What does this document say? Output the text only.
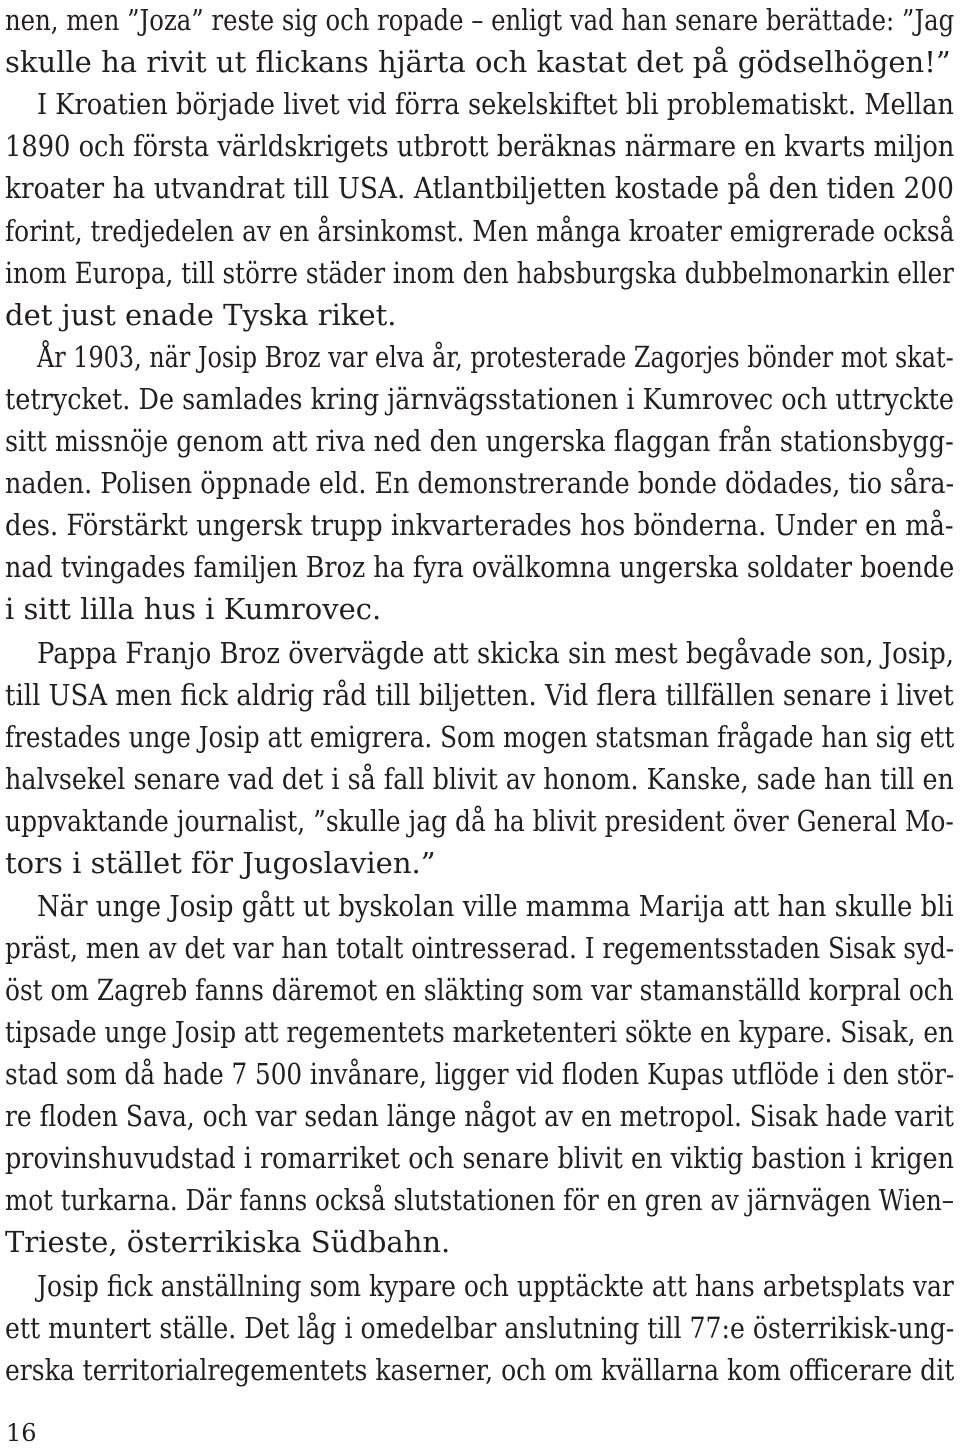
nen, men ”Joza” reste sig och ropade – enligt vad han senare berättade: ”Jag
skulle ha rivit ut flickans hjärta och kastat det på gödselhögen!”
I Kroatien började livet vid förra sekelskiftet bli problematiskt. Mellan
1890 och första världskrigets utbrott beräknas närmare en kvarts miljon
kroater ha utvandrat till USA. Atlantbiljetten kostade på den tiden 200
forint, tredjedelen av en årsinkomst. Men många kroater emigrerade också
inom Europa, till större städer inom den habsburgska dubbelmonarkin eller
det just enade Tyska riket.
År 1903, när Josip Broz var elva år, protesterade Zagorjes bönder mot skat-
tetrycket. De samlades kring järnvägsstationen i Kumrovec och uttryckte
sitt missnöje genom att riva ned den ungerska flaggan från stationsbygg-
naden. Polisen öppnade eld. En demonstrerande bonde dödades, tio såra-
des. Förstärkt ungersk trupp inkvarterades hos bönderna. Under en må-
nad tvingades familjen Broz ha fyra ovälkomna ungerska soldater boende
i sitt lilla hus i Kumrovec.
Pappa Franjo Broz övervägde att skicka sin mest begåvade son, Josip,
till USA men fick aldrig råd till biljetten. Vid flera tillfällen senare i livet
frestades unge Josip att emigrera. Som mogen statsman frågade han sig ett
halvsekel senare vad det i så fall blivit av honom. Kanske, sade han till en
uppvaktande journalist, ”skulle jag då ha blivit president över General Mo-
tors i stället för Jugoslavien.”
När unge Josip gått ut byskolan ville mamma Marija att han skulle bli
präst, men av det var han totalt ointresserad. I regementsstaden Sisak syd-
öst om Zagreb fanns däremot en släkting som var stamanställd korpral och
tipsade unge Josip att regementets marketenteri sökte en kypare. Sisak, en
stad som då hade 7 500 invånare, ligger vid floden Kupas utflöde i den stör-
re floden Sava, och var sedan länge något av en metropol. Sisak hade varit
provinshuvudstad i romarriket och senare blivit en viktig bastion i krigen
mot turkarna. Där fanns också slutstationen för en gren av järnvägen Wien–
Trieste, österrikiska Südbahn.
Josip fick anställning som kypare och upptäckte att hans arbetsplats var
ett muntert ställe. Det låg i omedelbar anslutning till 77:e österrikisk-ung-
erska territorialregementets kaserner, och om kvällarna kom officerare dit
16
